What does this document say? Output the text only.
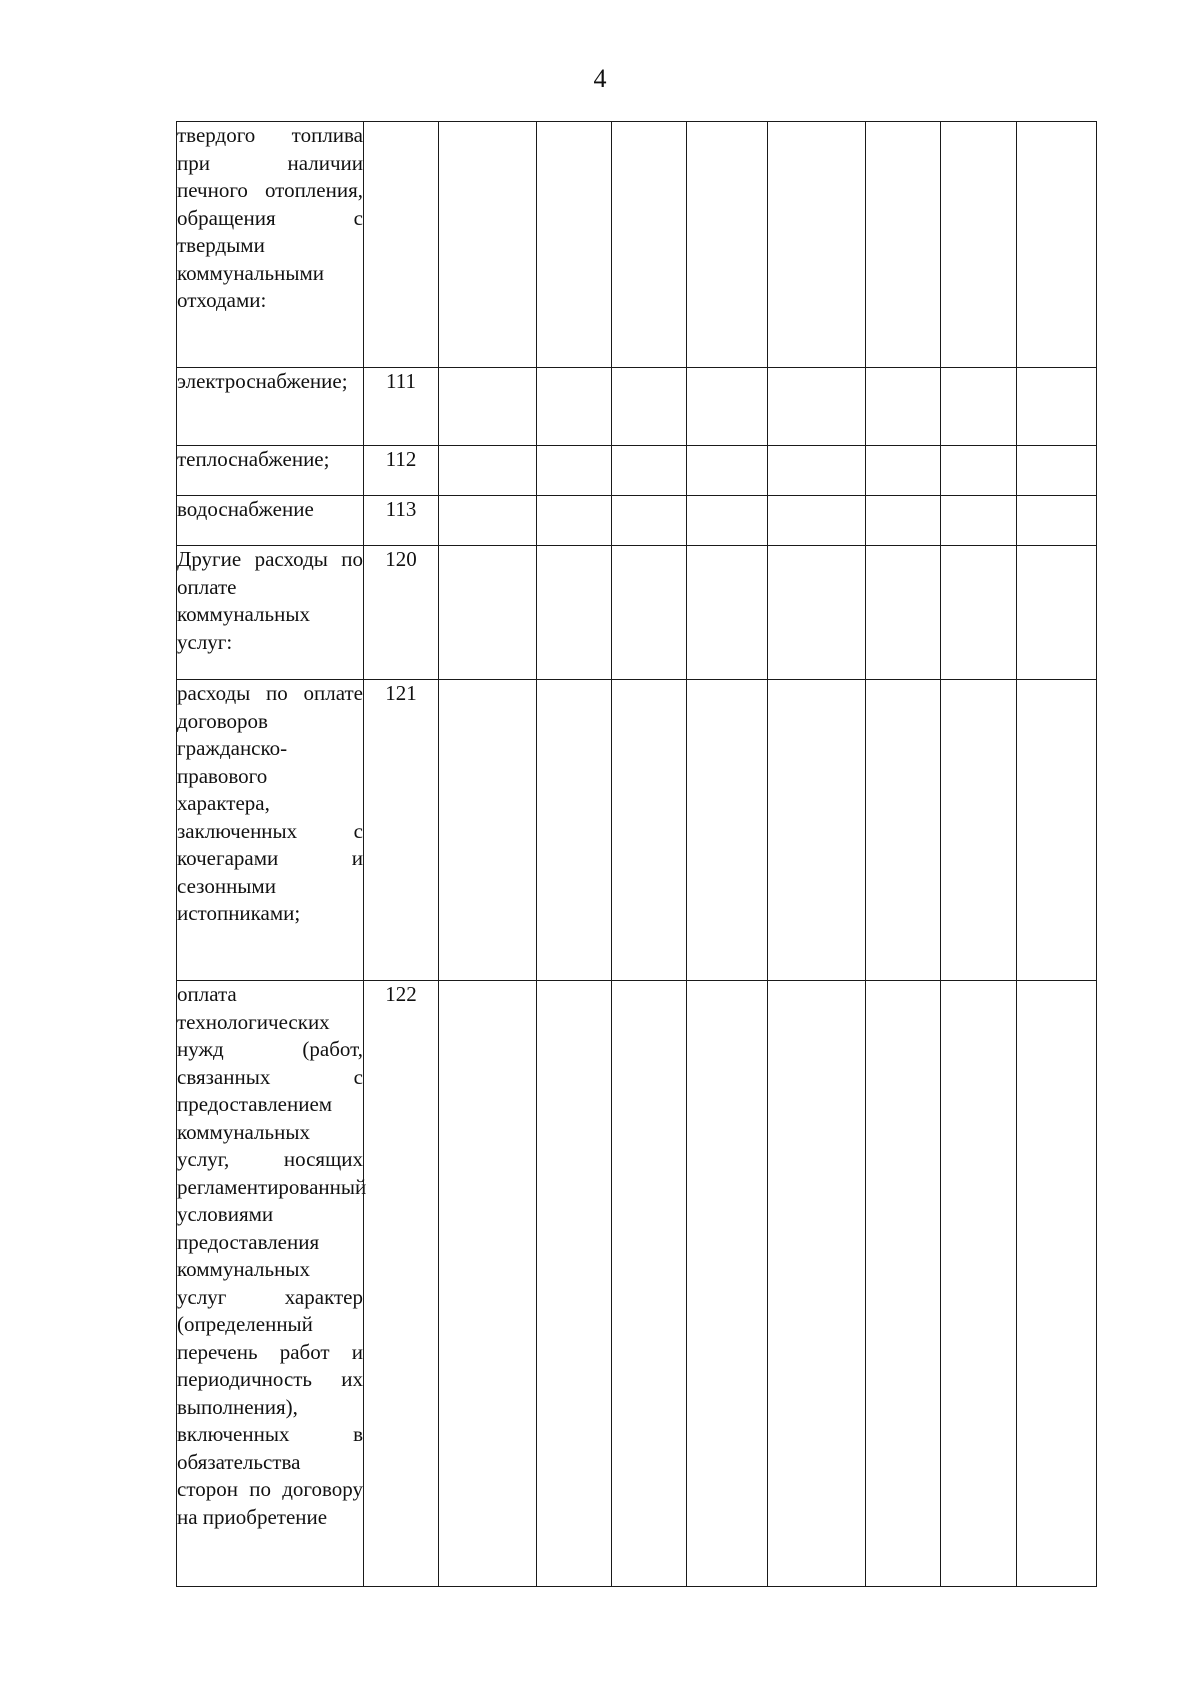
4
твердого топлива при наличии печного отопления, обращения с твердыми коммунальными отходами:									

электроснабжение;	111								

теплоснабжение;	112								

водоснабжение	113								

Другие расходы по оплате коммунальных услуг:	120								

расходы по оплате договоров гражданско-правового характера, заключенных с кочегарами и сезонными истопниками;	121								

оплата технологических нужд (работ, связанных с предоставлением коммунальных услуг, носящих регламентированный условиями предоставления коммунальных услуг характер (определенный перечень работ и периодичность их выполнения), включенных в обязательства сторон по договору на приобретение	122								
